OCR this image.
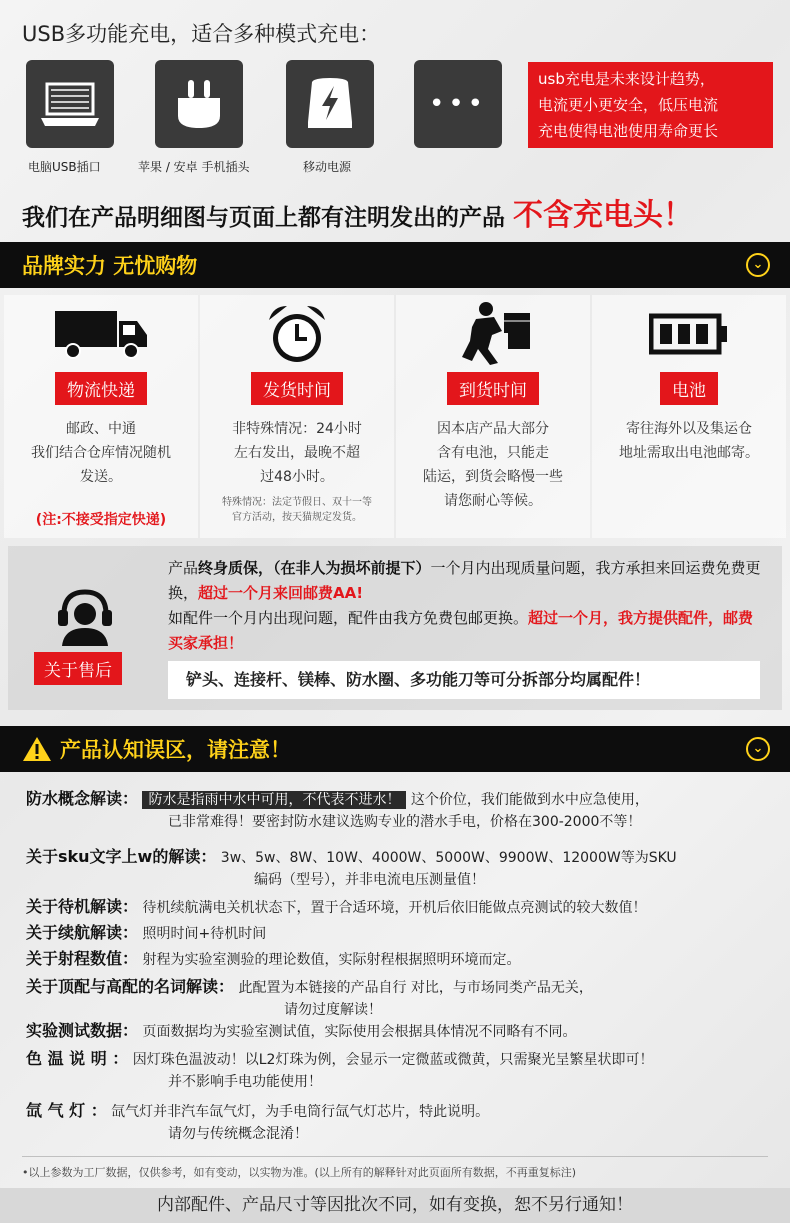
USB多功能充电，适合多种模式充电：
•••
电脑USB插口	苹果 / 安卓 手机插头	移动电源
usb充电是未来设计趋势，
电流更小更安全，低压电流
充电使得电池使用寿命更长
我们在产品明细图与页面上都有注明发出的产品 不含充电头！
品牌实力 无忧购物	⌄
物流快递
邮政、中通
我们结合仓库情况随机
发送。
(注:不接受指定快递)
发货时间
非特殊情况：24小时
左右发出，最晚不超
过48小时。
特殊情况：法定节假日、双十一等
官方活动，按天猫规定发货。
到货时间
因本店产品大部分
含有电池，只能走
陆运，到货会略慢一些
请您耐心等候。
电池
寄往海外以及集运仓
地址需取出电池邮寄。
关于售后
产品终身质保，（在非人为损坏前提下）一个月内出现质量问题，我方承担来回运费免费更换，超过一个月来回邮费AA!
如配件一个月内出现问题，配件由我方免费包邮更换。超过一个月，我方提供配件，邮费买家承担！
铲头、连接杆、镁棒、防水圈、多功能刀等可分拆部分均属配件！
产品认知误区，请注意！	⌄
防水概念解读： 防水是指雨中水中可用，不代表不进水！ 这个价位，我们能做到水中应急使用，
已非常难得！要密封防水建议选购专业的潜水手电，价格在300-2000不等！
关于sku文字上w的解读： 3w、5w、8W、10W、4000W、5000W、9900W、12000W等为SKU
编码（型号），并非电流电压测量值！
关于待机解读： 待机续航满电关机状态下，置于合适环境，开机后依旧能做点亮测试的较大数值！
关于续航解读： 照明时间+待机时间
关于射程数值： 射程为实验室测验的理论数值，实际射程根据照明环境而定。
关于顶配与高配的名词解读： 此配置为本链接的产品自行 对比，与市场同类产品无关，
请勿过度解读！
实验测试数据： 页面数据均为实验室测试值，实际使用会根据具体情况不同略有不同。
色 温 说 明 ： 因灯珠色温波动！以L2灯珠为例，会显示一定微蓝或微黄，只需聚光呈繁星状即可！
并不影响手电功能使用！
氙 气 灯 ： 氙气灯并非汽车氙气灯，为手电筒行氙气灯芯片，特此说明。
请勿与传统概念混淆！
•以上参数为工厂数据，仅供参考，如有变动，以实物为准。(以上所有的解释针对此页面所有数据，不再重复标注)
内部配件、产品尺寸等因批次不同，如有变换，恕不另行通知！
